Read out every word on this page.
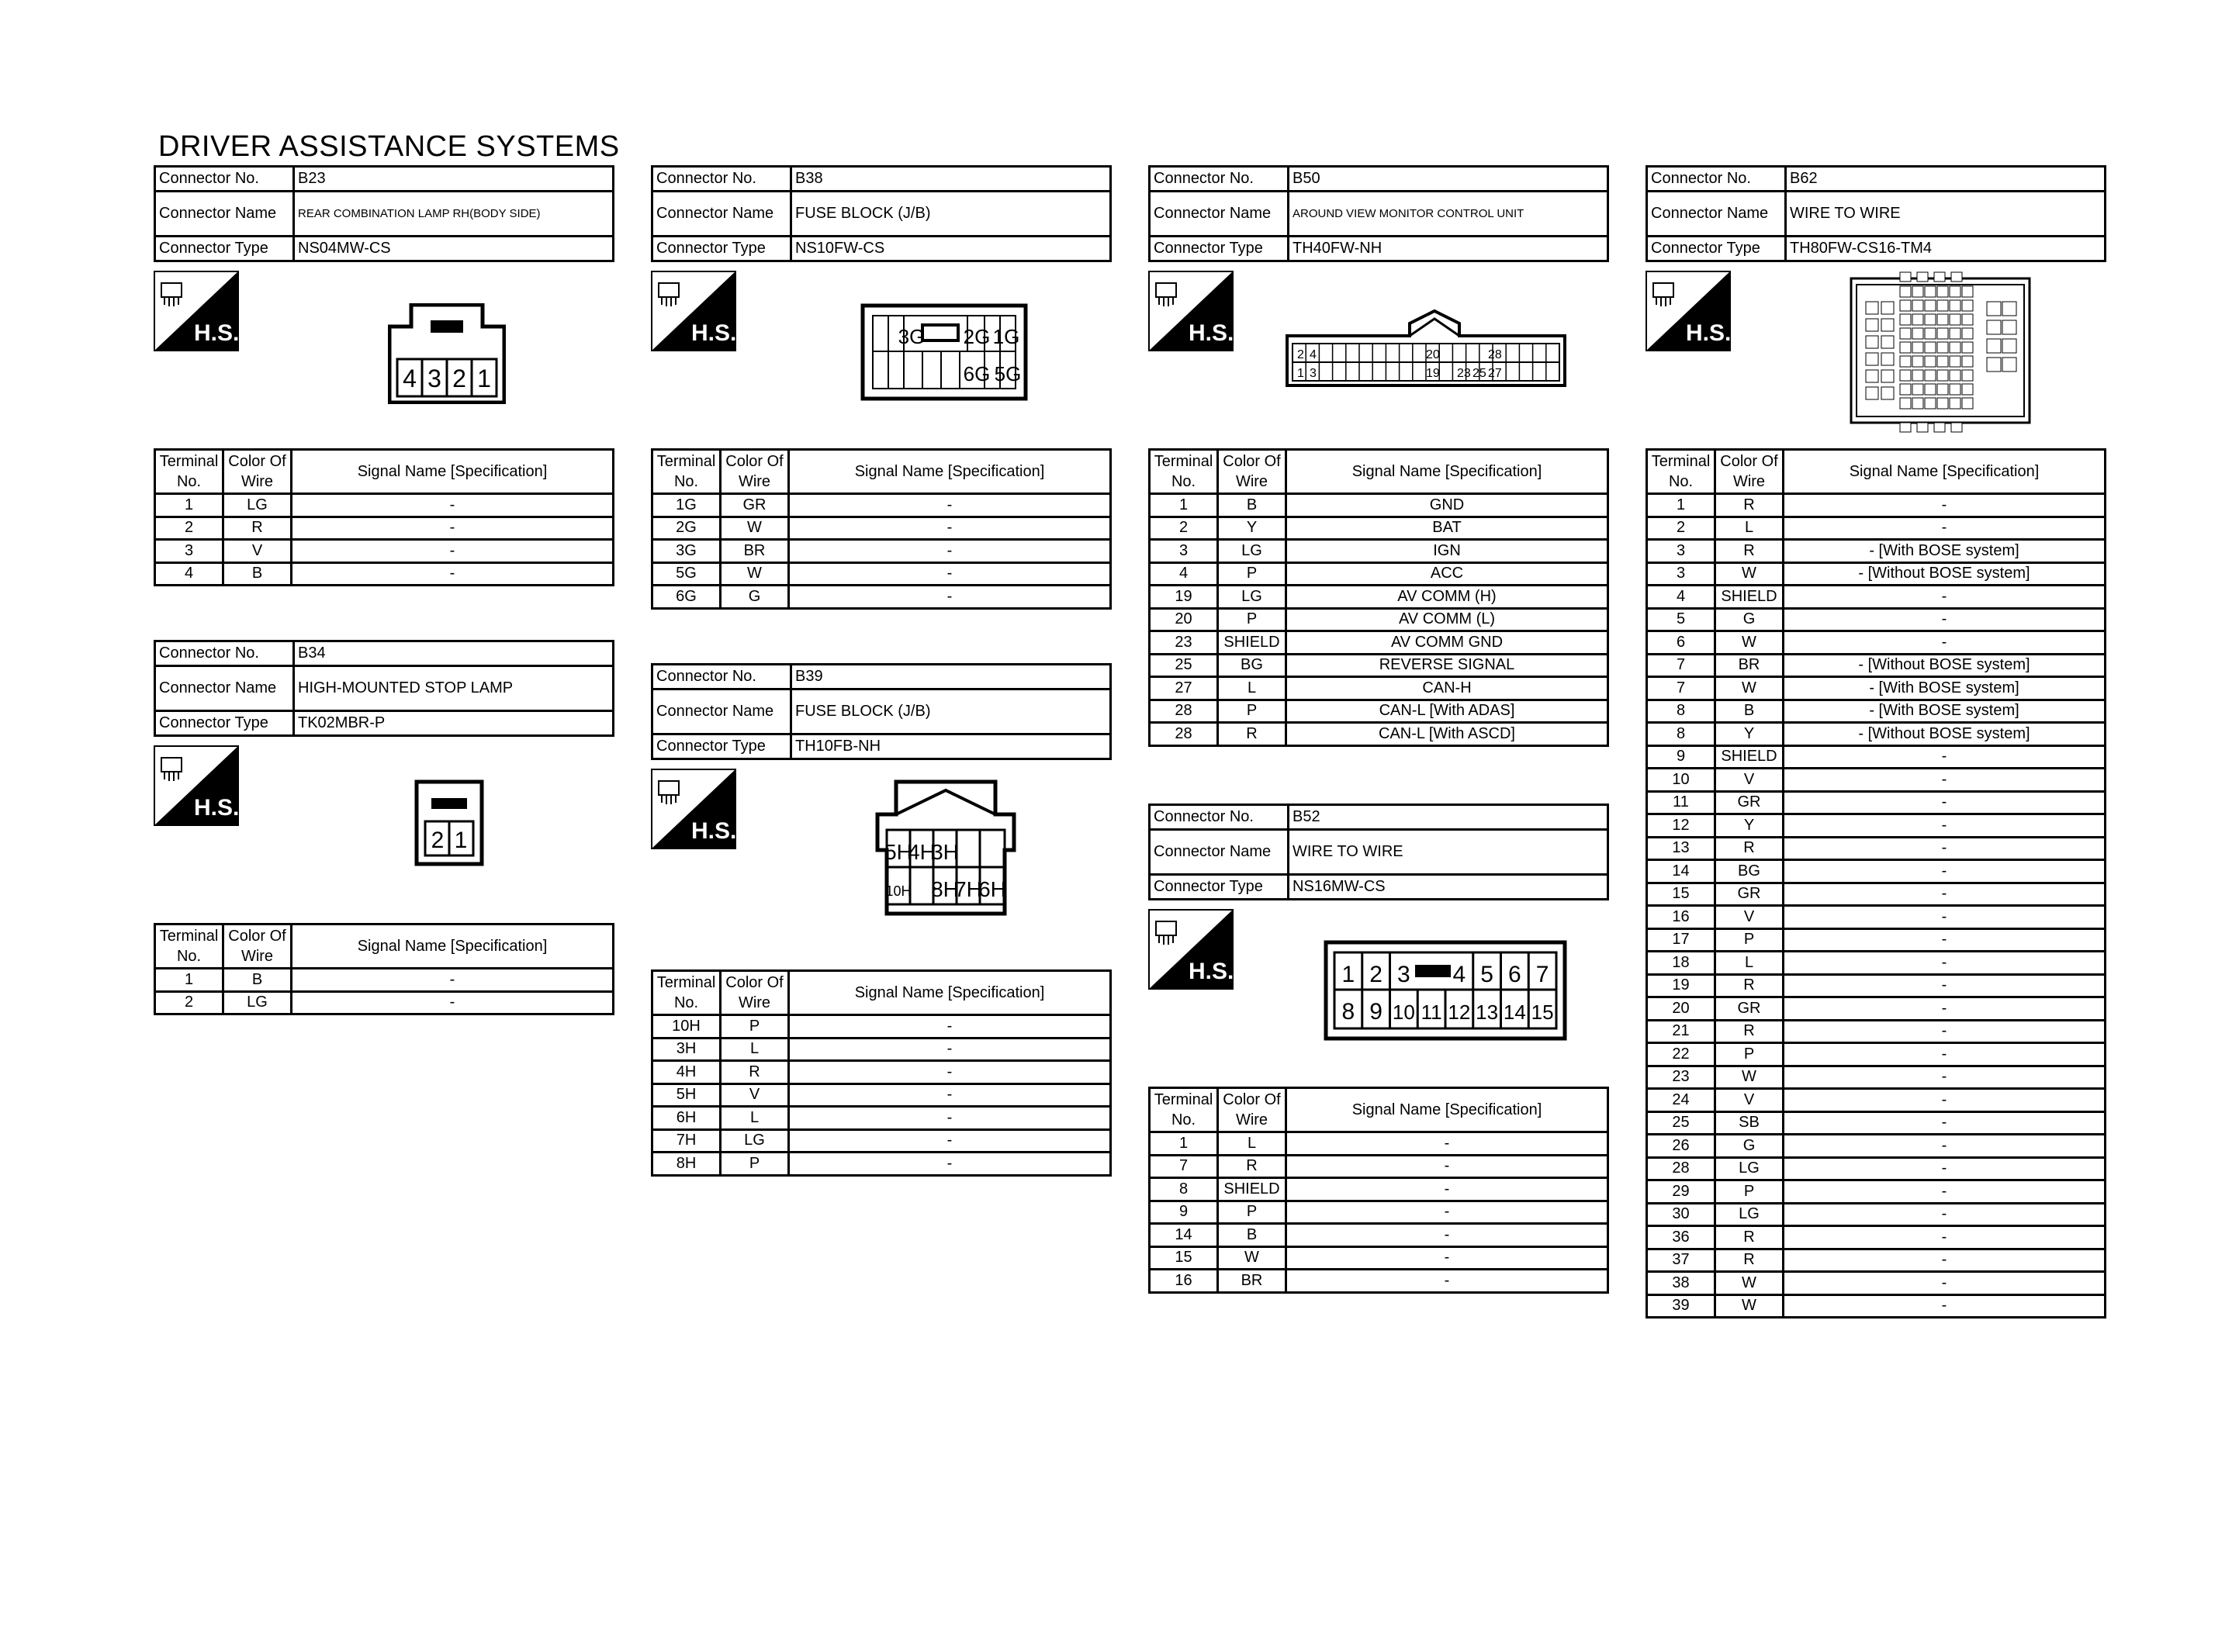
DRIVER ASSISTANCE SYSTEMS
Connector No.	B23
Connector Name	REAR COMBINATION LAMP RH(BODY SIDE)
Connector Type	NS04MW-CS
H.S.
4 3 2 1
Terminal No.	Color Of Wire	Signal Name [Specification]
1	LG	-
2	R	-
3	V	-
4	B	-
Connector No.	B34
Connector Name	HIGH-MOUNTED STOP LAMP
Connector Type	TK02MBR-P
H.S.
2 1
Terminal No.	Color Of Wire	Signal Name [Specification]
1	B	-
2	LG	-
Connector No.	B38
Connector Name	FUSE BLOCK (J/B)
Connector Type	NS10FW-CS
H.S.	3G 2G 1G
6G 5G
Terminal No.	Color Of Wire	Signal Name [Specification]
1G	GR	-
2G	W	-
3G	BR	-
5G	W	-
6G	G	-
Connector No.	B39
Connector Name	FUSE BLOCK (J/B)
Connector Type	TH10FB-NH
H.S.
5H
4H
3H
10H 8H
7H
6H
Terminal No.	Color Of Wire	Signal Name [Specification]
10H	P	-
3H	L	-
4H	R	-
5H	V	-
6H	L	-
7H	LG	-
8H	P	-
Connector No.	B50
Connector Name	AROUND VIEW MONITOR CONTROL UNIT
Connector Type	TH40FW-NH
H.S.
2 4	20	28
1 3	19 23 25 27
Terminal No.	Color Of Wire	Signal Name [Specification]
1	B	GND
2	Y	BAT
3	LG	IGN
4	P	ACC
19	LG	AV COMM (H)
20	P	AV COMM (L)
23	SHIELD	AV COMM GND
25	BG	REVERSE SIGNAL
27	L	CAN-H
28	P	CAN-L [With ADAS]
28	R	CAN-L [With ASCD]
Connector No.	B52
Connector Name	WIRE TO WIRE
Connector Type	NS16MW-CS
H.S.	1 2 3 4 5 6 7
8 9 10 11 12 13 14 15
Terminal No.	Color Of Wire	Signal Name [Specification]
1	L	-
7	R	-
8	SHIELD	-
9	P	-
14	B	-
15	W	-
16	BR	-
Connector No.	B62
Connector Name	WIRE TO WIRE
Connector Type	TH80FW-CS16-TM4
H.S.
Terminal No.	Color Of Wire	Signal Name [Specification]
1	R	-
2	L	-
3	R	- [With BOSE system]
3	W	- [Without BOSE system]
4	SHIELD	-
5	G	-
6	W	-
7	BR	- [Without BOSE system]
7	W	- [With BOSE system]
8	B	- [With BOSE system]
8	Y	- [Without BOSE system]
9	SHIELD	-
10	V	-
11	GR	-
12	Y	-
13	R	-
14	BG	-
15	GR	-
16	V	-
17	P	-
18	L	-
19	R	-
20	GR	-
21	R	-
22	P	-
23	W	-
24	V	-
25	SB	-
26	G	-
28	LG	-
29	P	-
30	LG	-
36	R	-
37	R	-
38	W	-
39	W	-
